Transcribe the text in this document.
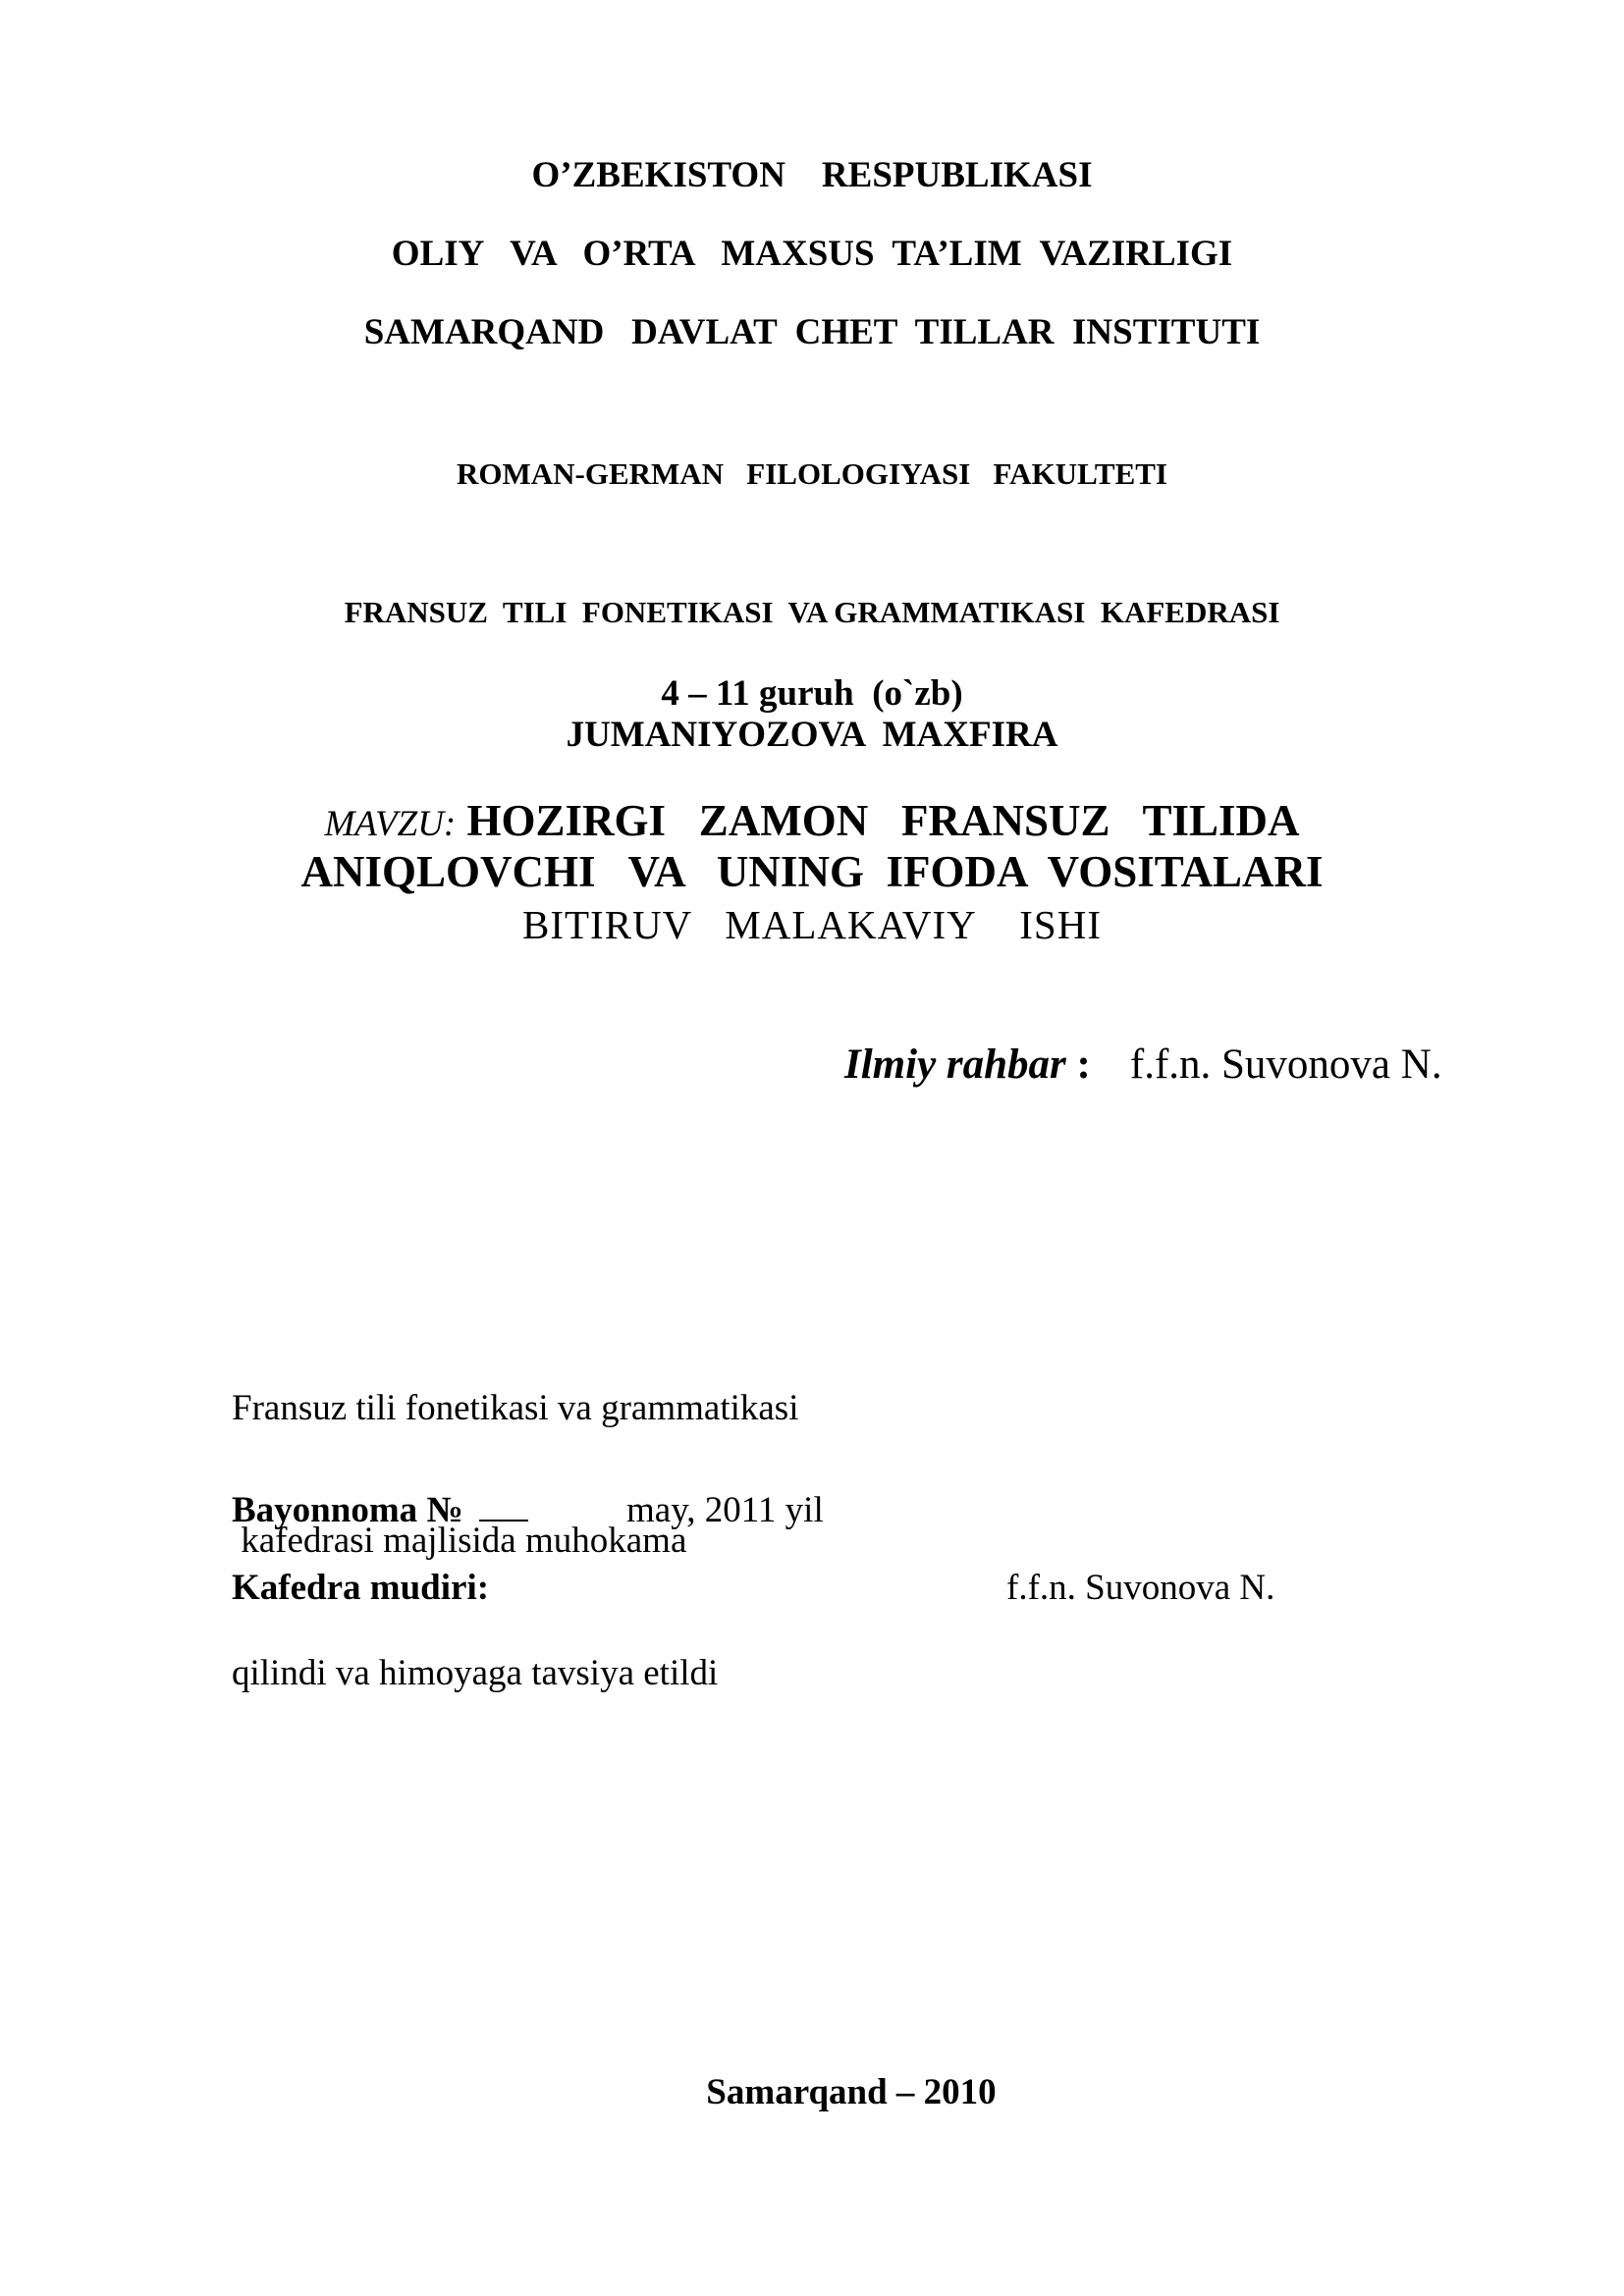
O’ZBEKISTON    RESPUBLIKASI
OLIY   VA   O’RTA   MAXSUS  TA’LIM  VAZIRLIGI
SAMARQAND   DAVLAT  CHET  TILLAR  INSTITUTI
ROMAN-GERMAN   FILOLOGIYASI   FAKULTETI
FRANSUZ  TILI  FONETIKASI  VA GRAMMATIKASI  KAFEDRASI
4 – 11 guruh  (o`zb)
JUMANIYOZOVA  MAXFIRA
MAVZU: HOZIRGI   ZAMON   FRANSUZ   TILIDA
ANIQLOVCHI   VA   UNING  IFODA  VOSITALARI
BITIRUV   MALAKAVIY    ISHI
Ilmiy rahbar : f.f.n. Suvonova N.

Fransuz tili fonetikasi va grammatikasi

kafedrasi majlisida muhokama

qilindi va himoyaga tavsiya etildi

Bayonnoma №	may, 2011 yil
Kafedra mudiri:	f.f.n. Suvonova N.
Samarqand – 2010
